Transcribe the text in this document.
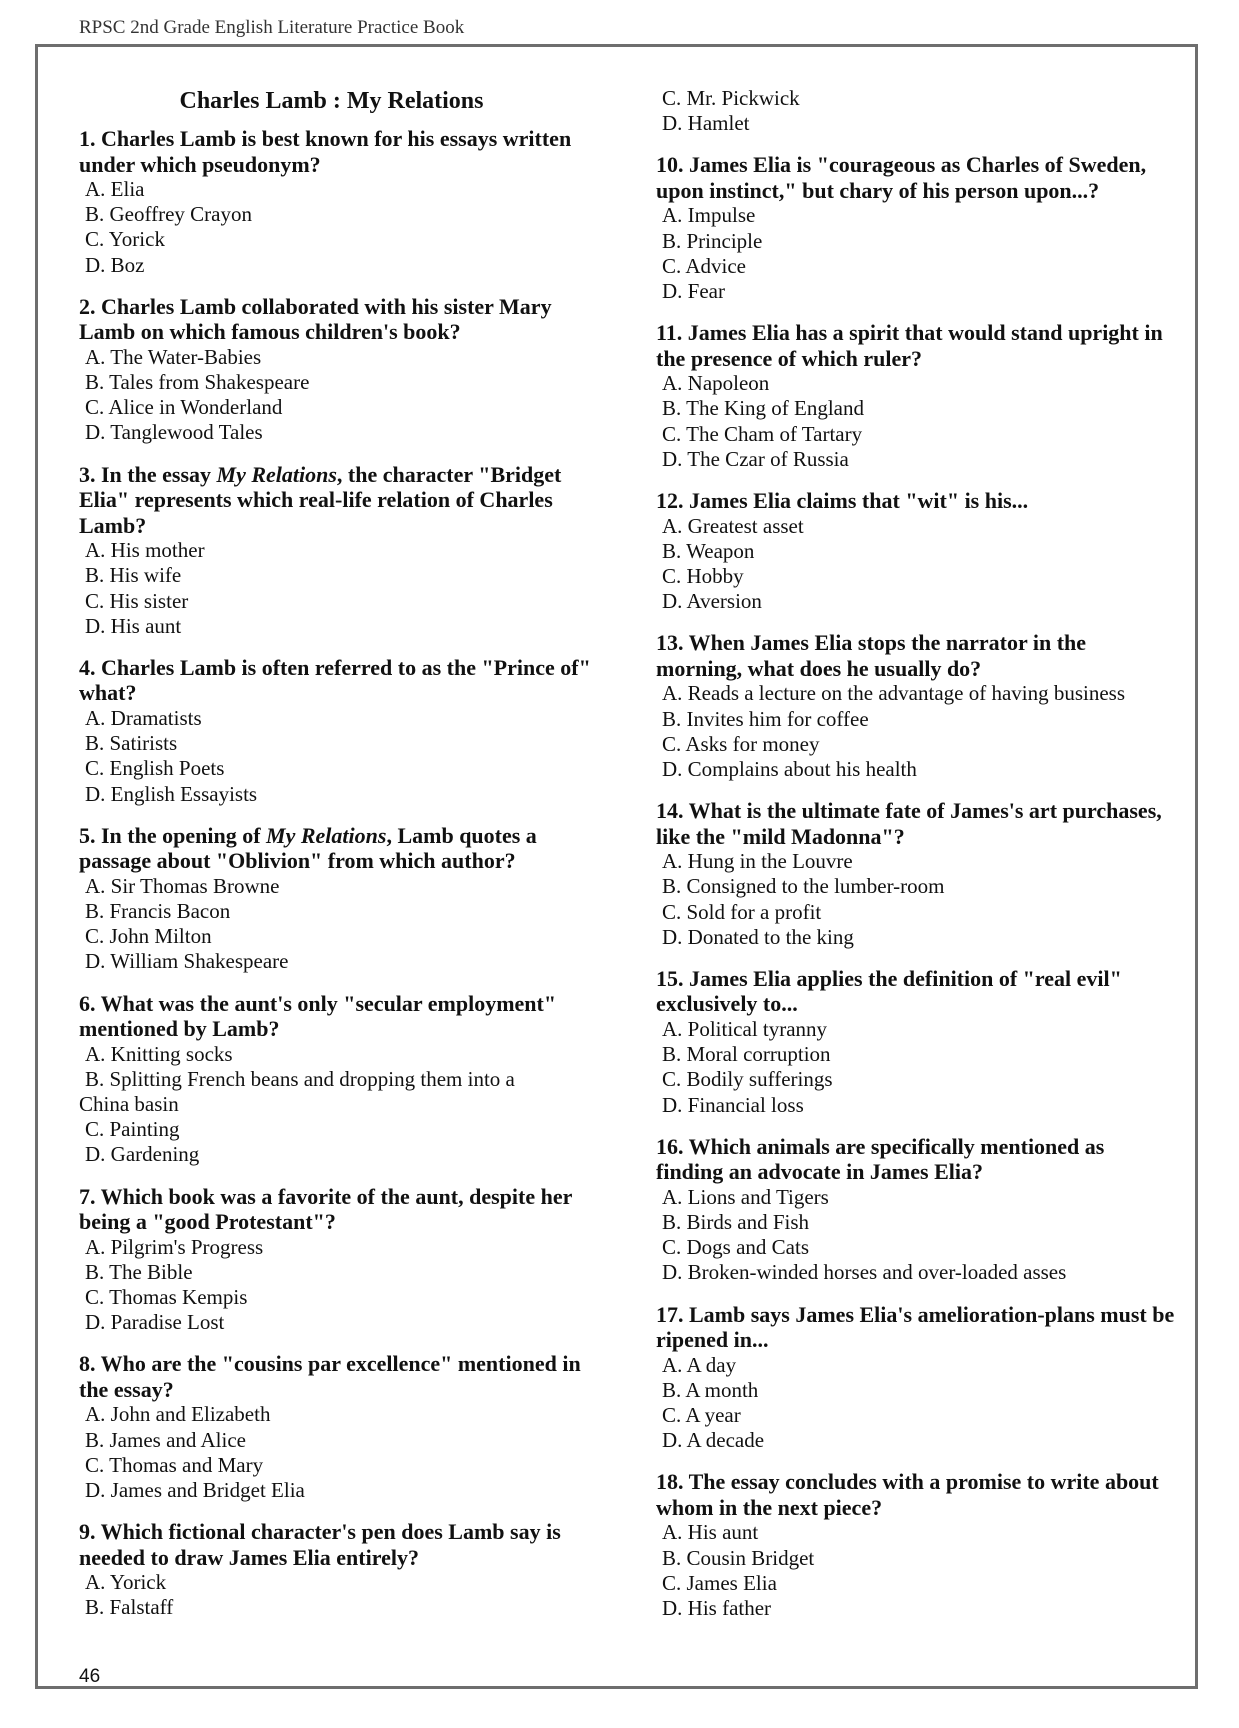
RPSC 2nd Grade English Literature Practice Book
Charles Lamb : My Relations
1. Charles Lamb is best known for his essays written under which pseudonym?
A. Elia
B. Geoffrey Crayon
C. Yorick
D. Boz
2. Charles Lamb collaborated with his sister Mary Lamb on which famous children's book?
A. The Water-Babies
B. Tales from Shakespeare
C. Alice in Wonderland
D. Tanglewood Tales
3. In the essay My Relations, the character "Bridget Elia" represents which real-life relation of Charles Lamb?
A. His mother
B. His wife
C. His sister
D. His aunt
4. Charles Lamb is often referred to as the "Prince of" what?
A. Dramatists
B. Satirists
C. English Poets
D. English Essayists
5. In the opening of My Relations, Lamb quotes a passage about "Oblivion" from which author?
A. Sir Thomas Browne
B. Francis Bacon
C. John Milton
D. William Shakespeare
6. What was the aunt's only "secular employment" mentioned by Lamb?
A. Knitting socks
B. Splitting French beans and dropping them into a
China basin
C. Painting
D. Gardening
7. Which book was a favorite of the aunt, despite her being a "good Protestant"?
A. Pilgrim's Progress
B. The Bible
C. Thomas Kempis
D. Paradise Lost
8. Who are the "cousins par excellence" mentioned in the essay?
A. John and Elizabeth
B. James and Alice
C. Thomas and Mary
D. James and Bridget Elia
9. Which fictional character's pen does Lamb say is needed to draw James Elia entirely?
A. Yorick
B. Falstaff
C. Mr. Pickwick
D. Hamlet
10. James Elia is "courageous as Charles of Sweden, upon instinct," but chary of his person upon...?
A. Impulse
B. Principle
C. Advice
D. Fear
11. James Elia has a spirit that would stand upright in the presence of which ruler?
A. Napoleon
B. The King of England
C. The Cham of Tartary
D. The Czar of Russia
12. James Elia claims that "wit" is his...
A. Greatest asset
B. Weapon
C. Hobby
D. Aversion
13. When James Elia stops the narrator in the morning, what does he usually do?
A. Reads a lecture on the advantage of having business
B. Invites him for coffee
C. Asks for money
D. Complains about his health
14. What is the ultimate fate of James's art purchases, like the "mild Madonna"?
A. Hung in the Louvre
B. Consigned to the lumber-room
C. Sold for a profit
D. Donated to the king
15. James Elia applies the definition of "real evil" exclusively to...
A. Political tyranny
B. Moral corruption
C. Bodily sufferings
D. Financial loss
16. Which animals are specifically mentioned as finding an advocate in James Elia?
A. Lions and Tigers
B. Birds and Fish
C. Dogs and Cats
D. Broken-winded horses and over-loaded asses
17. Lamb says James Elia's amelioration-plans must be ripened in...
A. A day
B. A month
C. A year
D. A decade
18. The essay concludes with a promise to write about whom in the next piece?
A. His aunt
B. Cousin Bridget
C. James Elia
D. His father
46
